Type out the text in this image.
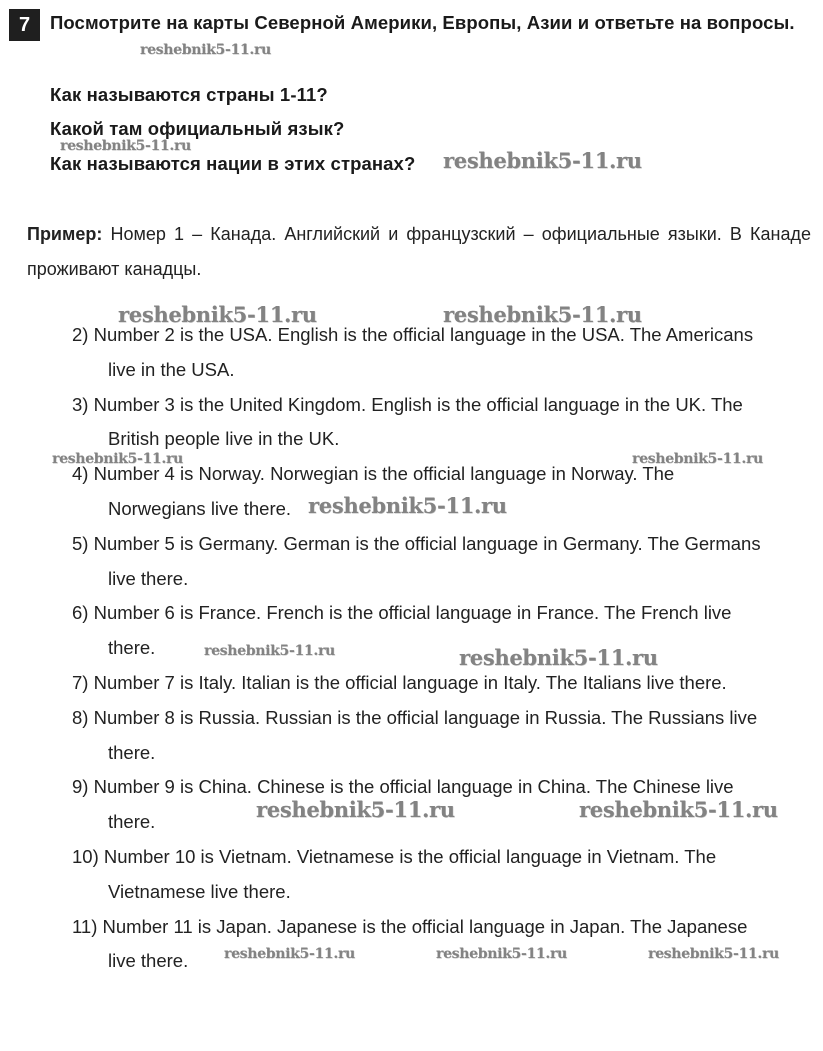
7	Посмотрите на карты Северной Америки, Европы, Азии и ответьте на вопросы.
Как называются страны 1-11?
Какой там официальный язык?
Как называются нации в этих странах?
Пример: Номер 1 – Канада. Английский и французский – официальные языки. В Канаде проживают канадцы.
2) Number 2 is the USA. English is the official language in the USA. The Americans
live in the USA.
3) Number 3 is the United Kingdom. English is the official language in the UK. The
British people live in the UK.
4) Number 4 is Norway. Norwegian is the official language in Norway. The
Norwegians live there.
5) Number 5 is Germany. German is the official language in Germany. The Germans
live there.
6) Number 6 is France. French is the official language in France. The French live
there.
7) Number 7 is Italy. Italian is the official language in Italy. The Italians live there.
8) Number 8 is Russia. Russian is the official language in Russia. The Russians live
there.
9) Number 9 is China. Chinese is the official language in China. The Chinese live
there.
10) Number 10 is Vietnam. Vietnamese is the official language in Vietnam. The
Vietnamese live there.
11) Number 11 is Japan. Japanese is the official language in Japan. The Japanese
live there.
reshebnik5-11.ru
reshebnik5-11.ru
reshebnik5-11.ru
reshebnik5-11.ru	reshebnik5-11.ru
reshebnik5-11.ru	reshebnik5-11.ru
reshebnik5-11.ru
reshebnik5-11.ru	reshebnik5-11.ru
reshebnik5-11.ru	reshebnik5-11.ru
reshebnik5-11.ru	reshebnik5-11.ru	reshebnik5-11.ru
